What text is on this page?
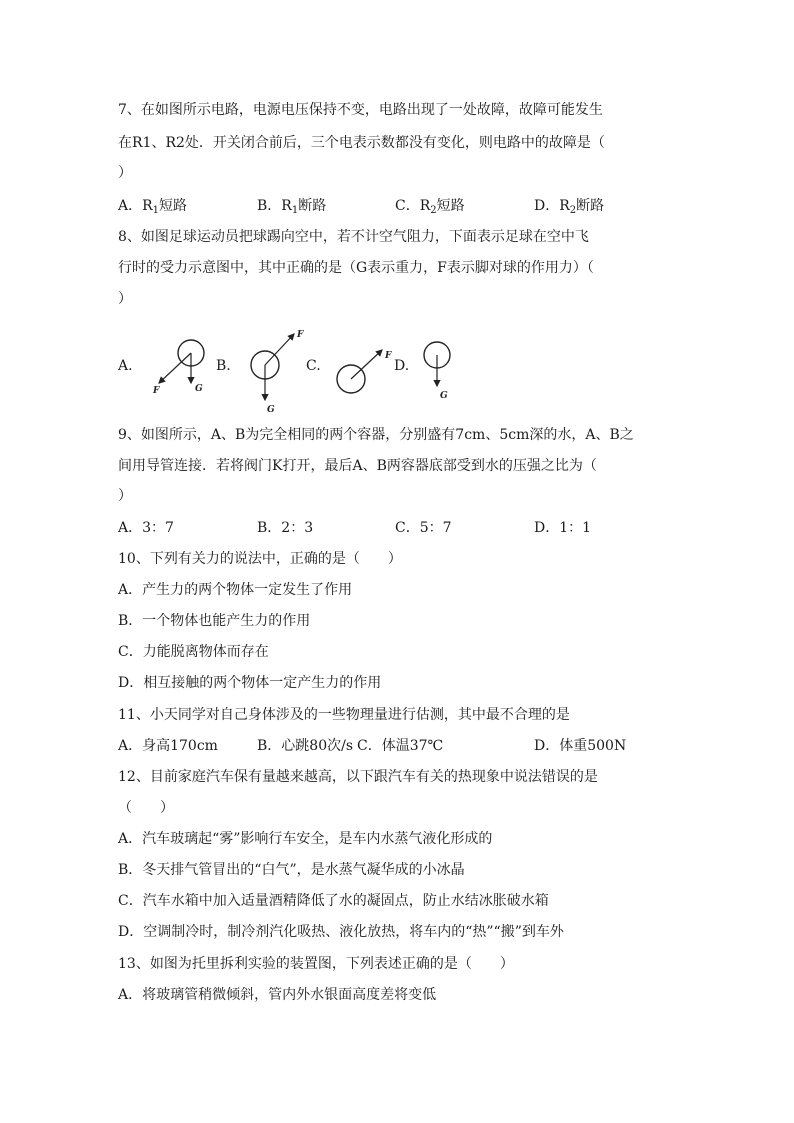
7、在如图所示电路，电源电压保持不变，电路出现了一处故障，故障可能发生
在R1、R2处．开关闭合前后，三个电表示数都没有变化，则电路中的故障是（
）
A．$R_1$短路	B．$R_1$断路	C．$R_2$短路	D．$R_2$断路
8、如图足球运动员把球踢向空中，若不计空气阻力，下面表示足球在空中飞
行时的受力示意图中，其中正确的是（G表示重力，F表示脚对球的作用力）（
）
A.
F	G
B.
F
G
C.
F
D.
G
9、如图所示，A、B为完全相同的两个容器，分别盛有7cm、5cm深的水，A、B之
间用导管连接．若将阀门K打开，最后A、B两容器底部受到水的压强之比为（
）
A．3：7	B．2：3	C．5：7	D．1：1
10、下列有关力的说法中，正确的是（　　）
A．产生力的两个物体一定发生了作用
B．一个物体也能产生力的作用
C．力能脱离物体而存在
D．相互接触的两个物体一定产生力的作用
11、小天同学对自己身体涉及的一些物理量进行估测，其中最不合理的是
A．身高170cm	B．心跳80次/s C．体温37℃	D．体重500N
12、目前家庭汽车保有量越来越高，以下跟汽车有关的热现象中说法错误的是
（　　）
A．汽车玻璃起“雾”影响行车安全，是车内水蒸气液化形成的
B．冬天排气管冒出的“白气”，是水蒸气凝华成的小冰晶
C．汽车水箱中加入适量酒精降低了水的凝固点，防止水结冰胀破水箱
D．空调制冷时，制冷剂汽化吸热、液化放热，将车内的“热”“搬”到车外
13、如图为托里拆利实验的装置图，下列表述正确的是（　　）
A．将玻璃管稍微倾斜，管内外水银面高度差将变低
